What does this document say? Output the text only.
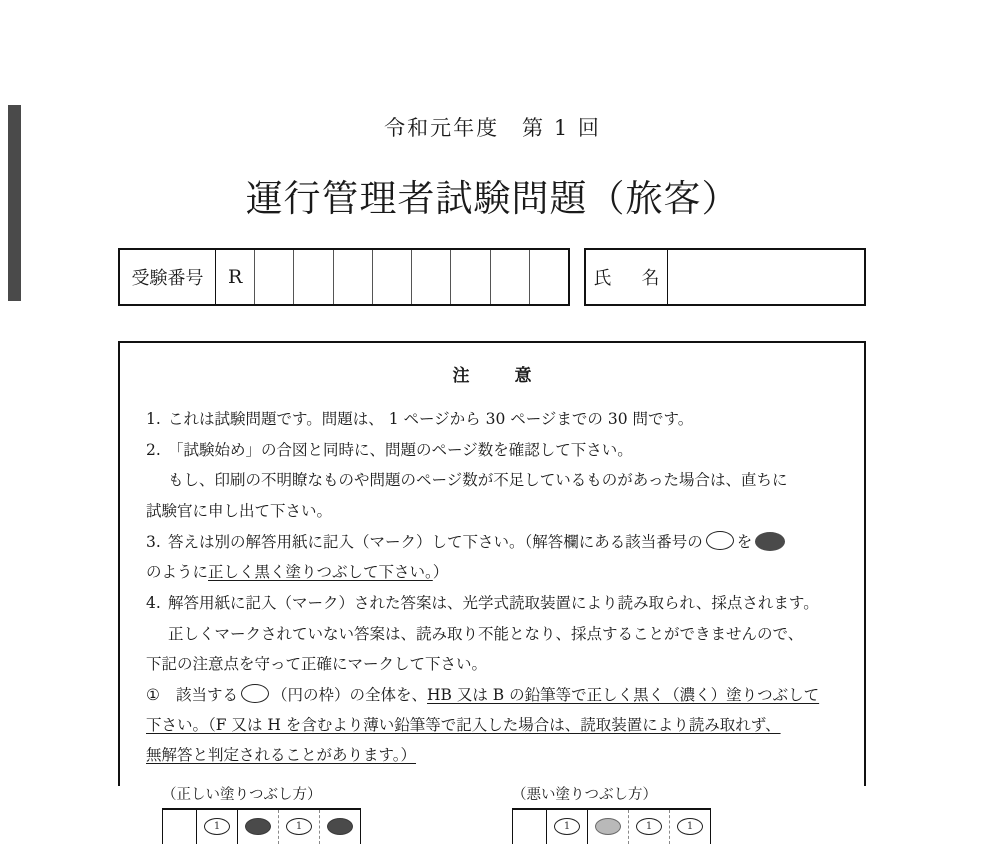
令和元年度　第 1 回
運行管理者試験問題（旅客）
受験番号	R	氏　名
注　意
1. これは試験問題です。問題は、 1 ページから 30 ページまでの 30 問です。
2. 「試験始め」の合図と同時に、問題のページ数を確認して下さい。
もし、印刷の不明瞭なものや問題のページ数が不足しているものがあった場合は、直ちに
試験官に申し出て下さい。
3. 答えは別の解答用紙に記入（マーク）して下さい。（解答欄にある該当番号の を
のように正しく黒く塗りつぶして下さい。）
4. 解答用紙に記入（マーク）された答案は、光学式読取装置により読み取られ、採点されます。
正しくマークされていない答案は、読み取り不能となり、採点することができませんので、
下記の注意点を守って正確にマークして下さい。
① 該当する （円の枠）の全体を、HB 又は B の鉛筆等で正しく黒く（濃く）塗りつぶして
下さい。（F 又は H を含むより薄い鉛筆等で記入した場合は、読取装置により読み取れず、
無解答と判定されることがあります。）
（正しい塗りつぶし方）
1	1
（悪い塗りつぶし方）
1	1	1
